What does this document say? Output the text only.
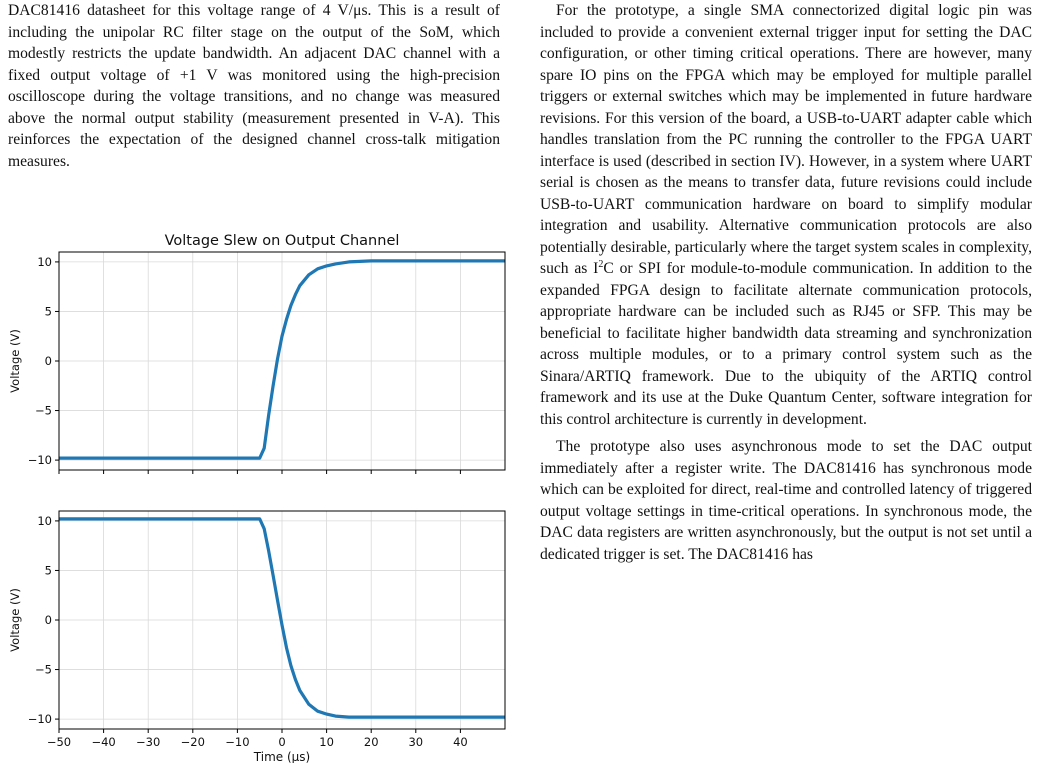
DAC81416 datasheet for this voltage range of 4 V/μs. This is a result of including the unipolar RC filter stage on the output of the SoM, which modestly restricts the update bandwidth. An adjacent DAC channel with a fixed output voltage of +1 V was monitored using the high-precision oscilloscope during the voltage transitions, and no change was measured above the normal output stability (measurement presented in V-A). This reinforces the expectation of the designed channel cross-talk mitigation measures.

Voltage Slew on Output Channel
−10
−5
0
5
10
Voltage (V)
−10
−5
0
5
10
Voltage (V)
−50 −40 −30 −20 −10	0	10	20	30	40
Time (μs)

For the prototype, a single SMA connectorized digital logic pin was included to provide a convenient external trigger input for setting the DAC configuration, or other timing critical operations. There are however, many spare IO pins on the FPGA which may be employed for multiple parallel triggers or external switches which may be implemented in future hardware revisions. For this version of the board, a USB-to-UART adapter cable which handles translation from the PC running the controller to the FPGA UART interface is used (described in section IV). However, in a system where UART serial is chosen as the means to transfer data, future revisions could include USB-to-UART communication hardware on board to simplify modular integration and usability. Alternative communication protocols are also potentially desirable, particularly where the target system scales in complexity, such as $I^2C$ or SPI for module-to-module communication. In addition to the expanded FPGA design to facilitate alternate communication protocols, appropriate hardware can be included such as RJ45 or SFP. This may be beneficial to facilitate higher bandwidth data streaming and synchronization across multiple modules, or to a primary control system such as the Sinara/ARTIQ framework. Due to the ubiquity of the ARTIQ control framework and its use at the Duke Quantum Center, software integration for this control architecture is currently in development.

The prototype also uses asynchronous mode to set the DAC output immediately after a register write. The DAC81416 has synchronous mode which can be exploited for direct, real-time and controlled latency of triggered output voltage settings in time-critical operations. In synchronous mode, the DAC data registers are written asynchronously, but the output is not set until a dedicated trigger is set. The DAC81416 has
